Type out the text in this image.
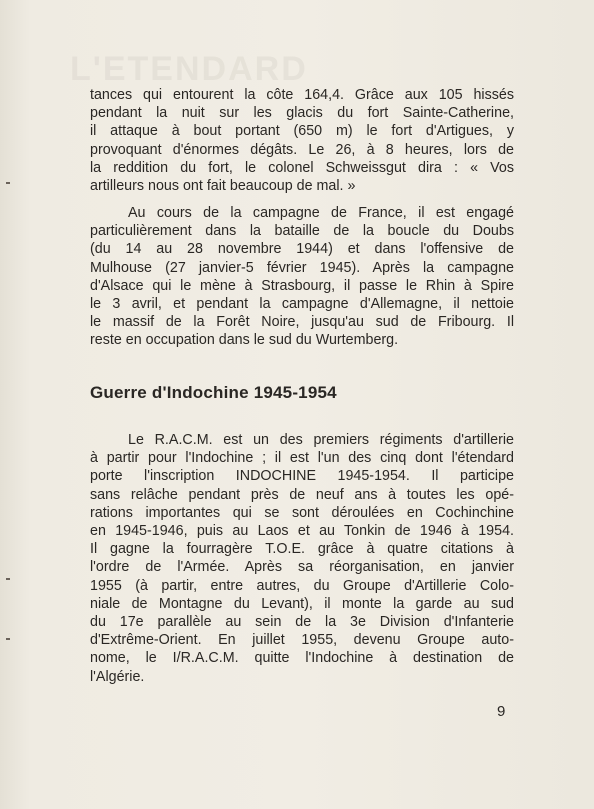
L'ETENDARD
tances qui entourent la côte 164,4. Grâce aux 105 hissés
pendant la nuit sur les glacis du fort Sainte-Catherine,
il attaque à bout portant (650 m) le fort d'Artigues, y
provoquant d'énormes dégâts. Le 26, à 8 heures, lors de
la reddition du fort, le colonel Schweissgut dira : « Vos
artilleurs nous ont fait beaucoup de mal. »
Au cours de la campagne de France, il est engagé
particulièrement dans la bataille de la boucle du Doubs
(du 14 au 28 novembre 1944) et dans l'offensive de
Mulhouse (27 janvier-5 février 1945). Après la campagne
d'Alsace qui le mène à Strasbourg, il passe le Rhin à Spire
le 3 avril, et pendant la campagne d'Allemagne, il nettoie
le massif de la Forêt Noire, jusqu'au sud de Fribourg. Il
reste en occupation dans le sud du Wurtemberg.
Guerre d'Indochine 1945-1954
Le R.A.C.M. est un des premiers régiments d'artillerie
à partir pour l'Indochine ; il est l'un des cinq dont l'étendard
porte l'inscription INDOCHINE 1945-1954. Il participe
sans relâche pendant près de neuf ans à toutes les opé-
rations importantes qui se sont déroulées en Cochinchine
en 1945-1946, puis au Laos et au Tonkin de 1946 à 1954.
Il gagne la fourragère T.O.E. grâce à quatre citations à
l'ordre de l'Armée. Après sa réorganisation, en janvier
1955 (à partir, entre autres, du Groupe d'Artillerie Colo-
niale de Montagne du Levant), il monte la garde au sud
du 17e parallèle au sein de la 3e Division d'Infanterie
d'Extrême-Orient. En juillet 1955, devenu Groupe auto-
nome, le I/R.A.C.M. quitte l'Indochine à destination de
l'Algérie.
9
